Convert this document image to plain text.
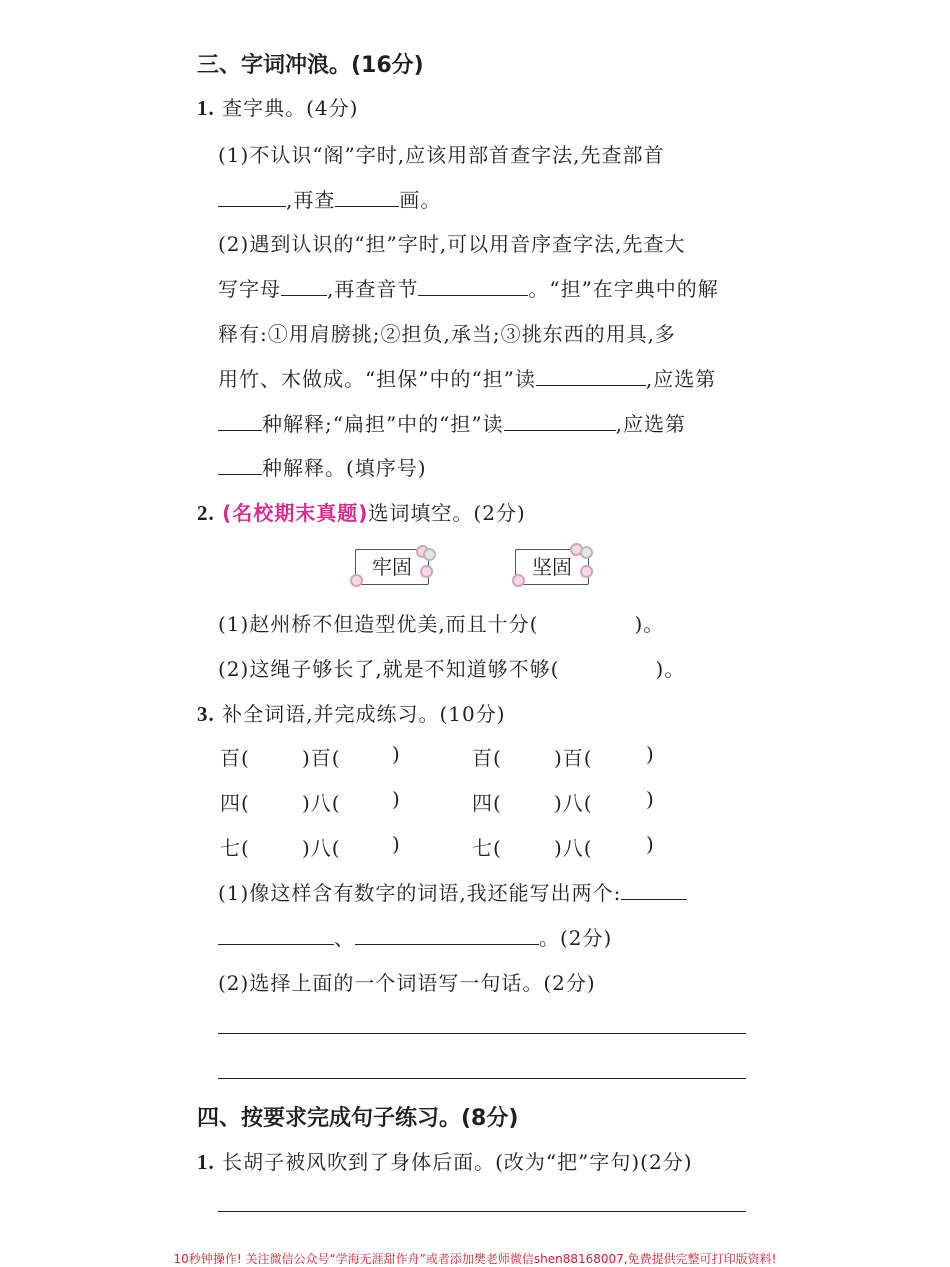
三、字词冲浪。(16分)
1. 查字典。(4分)
(1)不认识“阁”字时,应该用部首查字法,先查部首
,再查	画。
(2)遇到认识的“担”字时,可以用音序查字法,先查大
写字母 ,再查音节	。“担”在字典中的解
释有:①用肩膀挑;②担负,承当;③挑东西的用具,多
用竹、木做成。“担保”中的“担”读	,应选第
种解释;“扁担”中的“担”读	,应选第
种解释。(填序号)
2. (名校期末真题)选词填空。(2分)
牢固	坚固
(1)赵州桥不但造型优美,而且十分(	)。
(2)这绳子够长了,就是不知道够不够(	)。
3. 补全词语,并完成练习。(10分)
百(	)百(	)	百(	)百(	)
四(	)八(	)	四(	)八(	)
七(	)八(	)	七(	)八(	)
(1)像这样含有数字的词语,我还能写出两个:
、	。(2分)
(2)选择上面的一个词语写一句话。(2分)
四、按要求完成句子练习。(8分)
1. 长胡子被风吹到了身体后面。(改为“把”字句)(2分)
10秒钟操作! 关注微信公众号“学海无涯甜作舟”或者添加樊老师微信shen88168007,免费提供完整可打印版资料!
